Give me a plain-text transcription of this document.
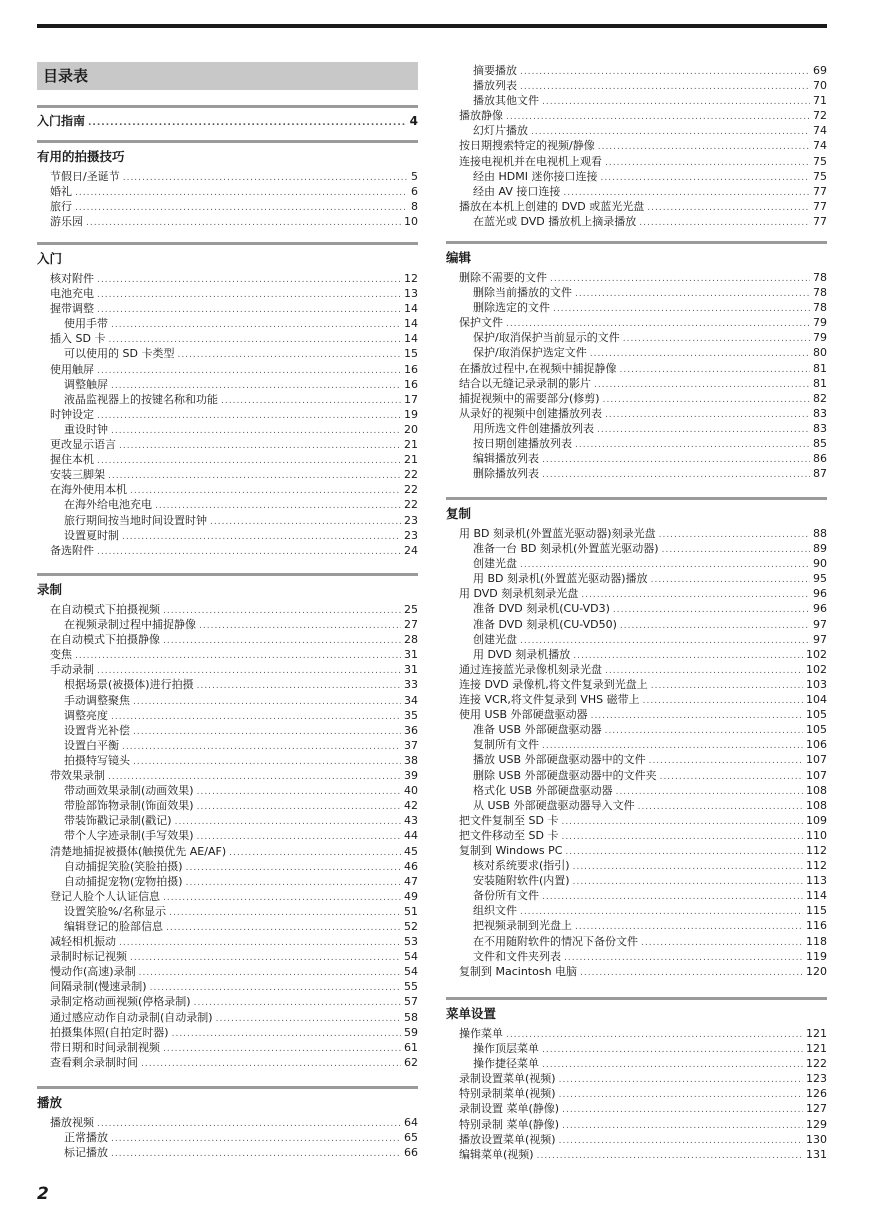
目录表
入门指南 .....	4
有用的拍摄技巧
节假日/圣诞节 .....	5
婚礼 .....	6
旅行 .....	8
游乐园 .....	10
入门
核对附件 .....	12
电池充电 .....	13
握带调整 .....	14
使用手带 .....	14
插入 SD 卡 .....	14
可以使用的 SD 卡类型 .....	15
使用触屏 .....	16
调整触屏 .....	16
液晶监视器上的按键名称和功能 .....	17
时钟设定 .....	19
重设时钟 .....	20
更改显示语言 .....	21
握住本机 .....	21
安装三脚架 .....	22
在海外使用本机 .....	22
在海外给电池充电 .....	22
旅行期间按当地时间设置时钟 .....	23
设置夏时制 .....	23
备选附件 .....	24
录制
在自动模式下拍摄视频 .....	25
在视频录制过程中捕捉静像 .....	27
在自动模式下拍摄静像 .....	28
变焦 .....	31
手动录制 .....	31
根据场景(被摄体)进行拍摄 .....	33
手动调整聚焦 .....	34
调整亮度 .....	35
设置背光补偿 .....	36
设置白平衡 .....	37
拍摄特写镜头 .....	38
带效果录制 .....	39
带动画效果录制(动画效果) .....	40
带脸部饰物录制(饰面效果) .....	42
带装饰戳记录制(戳记) .....	43
带个人字迹录制(手写效果) .....	44
清楚地捕捉被摄体(触摸优先 AE/AF) .....	45
自动捕捉笑脸(笑脸拍摄) .....	46
自动捕捉宠物(宠物拍摄) .....	47
登记人脸个人认证信息 .....	49
设置笑脸%/名称显示 .....	51
编辑登记的脸部信息 .....	52
减轻相机振动 .....	53
录制时标记视频 .....	54
慢动作(高速)录制 .....	54
间隔录制(慢速录制) .....	55
录制定格动画视频(停格录制) .....	57
通过感应动作自动录制(自动录制) .....	58
拍摄集体照(自拍定时器) .....	59
带日期和时间录制视频 .....	61
查看剩余录制时间 .....	62
播放
播放视频 .....	64
正常播放 .....	65
标记播放 .....	66
摘要播放 .....	69
播放列表 .....	70
播放其他文件 .....	71
播放静像 .....	72
幻灯片播放 .....	74
按日期搜索特定的视频/静像 .....	74
连接电视机并在电视机上观看 .....	75
经由 HDMI 迷你接口连接 .....	75
经由 AV 接口连接 .....	77
播放在本机上创建的 DVD 或蓝光光盘 .....	77
在蓝光或 DVD 播放机上摘录播放 .....	77
编辑
删除不需要的文件 .....	78
删除当前播放的文件 .....	78
删除选定的文件 .....	78
保护文件 .....	79
保护/取消保护当前显示的文件 .....	79
保护/取消保护选定文件 .....	80
在播放过程中,在视频中捕捉静像 .....	81
结合以无缝记录录制的影片 .....	81
捕捉视频中的需要部分(修剪) .....	82
从录好的视频中创建播放列表 .....	83
用所选文件创建播放列表 .....	83
按日期创建播放列表 .....	85
编辑播放列表 .....	86
删除播放列表 .....	87
复制
用 BD 刻录机(外置蓝光驱动器)刻录光盘 .....	88
准备一台 BD 刻录机(外置蓝光驱动器) .....	89
创建光盘 .....	90
用 BD 刻录机(外置蓝光驱动器)播放 .....	95
用 DVD 刻录机刻录光盘 .....	96
准备 DVD 刻录机(CU-VD3) .....	96
准备 DVD 刻录机(CU-VD50) .....	97
创建光盘 .....	97
用 DVD 刻录机播放 .....	102
通过连接蓝光录像机刻录光盘 .....	102
连接 DVD 录像机,将文件复录到光盘上 .....	103
连接 VCR,将文件复录到 VHS 磁带上 .....	104
使用 USB 外部硬盘驱动器 .....	105
准备 USB 外部硬盘驱动器 .....	105
复制所有文件 .....	106
播放 USB 外部硬盘驱动器中的文件 .....	107
删除 USB 外部硬盘驱动器中的文件夹 .....	107
格式化 USB 外部硬盘驱动器 .....	108
从 USB 外部硬盘驱动器导入文件 .....	108
把文件复制至 SD 卡 .....	109
把文件移动至 SD 卡 .....	110
复制到 Windows PC .....	112
核对系统要求(指引) .....	112
安装随附软件(内置) .....	113
备份所有文件 .....	114
组织文件 .....	115
把视频录制到光盘上 .....	116
在不用随附软件的情况下备份文件 .....	118
文件和文件夹列表 .....	119
复制到 Macintosh 电脑 .....	120
菜单设置
操作菜单 .....	121
操作顶层菜单 .....	121
操作捷径菜单 .....	122
录制设置菜单(视频) .....	123
特别录制菜单(视频) .....	126
录制设置 菜单(静像) .....	127
特别录制 菜单(静像) .....	129
播放设置菜单(视频) .....	130
编辑菜单(视频) .....	131
2
